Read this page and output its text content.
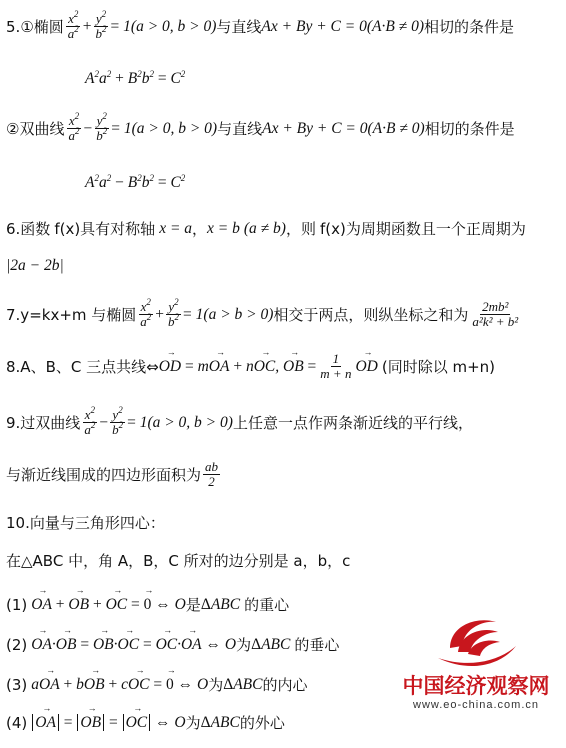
5. ① 椭圆 $\frac{x^2}{a^2} + \frac{y^2}{b^2} = 1$ (a > 0, b > 0) 与直线 Ax + By + C = 0(A·B ≠ 0) 相切的条件是
$A^2a^2 + B^2b^2 = C^2$
② 双曲线 $\frac{x^2}{a^2} - \frac{y^2}{b^2} = 1$ (a > 0, b > 0) 与直线 Ax + By + C = 0(A·B ≠ 0) 相切的条件是
$A^2a^2 - B^2b^2 = C^2$
6.函数 f(x)具有对称轴 x = a ， x = b (a ≠ b) ，则 f(x)为周期函数且一个正周期为
|2a − 2b|
7.y=kx+m 与椭圆 $\frac{x^2}{a^2} + \frac{y^2}{b^2} = 1$ (a > b > 0) 相交于两点，则纵坐标之和为 $\frac{\text{2mb²}}{\text{a²k² + b²}}$
8.A、B、C 三点共线 ⇔ OD → = mOA → + nOC →, OB → = $\frac{1}{m + n}$ OD → (同时除以 m+n)
9.过双曲线 $\frac{x^2}{a^2} - \frac{y^2}{b^2} = 1$ (a > 0, b > 0) 上任意一点作两条渐近线的平行线，
与渐近线围成的四边形面积为 $\frac{ab}{2}$
10.向量与三角形四心：
在△ABC 中，角 A，B，C 所对的边分别是 a，b，c
(1) OA → + OB → + OC → = 0 → ⇔ O 是 ΔABC 的重心
(2) OA →·OB → = OB →·OC → = OC →·OA → ⇔ O 为 ΔABC 的垂心
(3) aOA → + bOB → + cOC → = 0 → ⇔ O 为 ΔABC 的内心
(4) OA → = OB → = OC → ⇔ O 为 ΔABC 的外心
中国经济观察网
www.eo-china.com.cn
